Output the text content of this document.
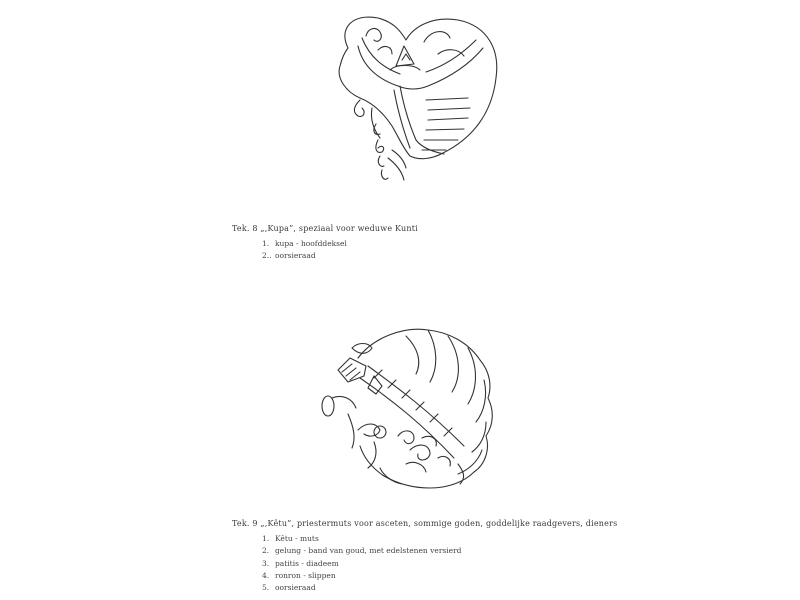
Tek. 8 „,Kupa”, speziaal voor weduwe Kunti
1. kupa - hoofddeksel
2.. oorsieraad
Tek. 9 „,Kêtu”, priestermuts voor asceten, sommige goden, goddelijke raadgevers, dieners
1. Kêtu - muts
2. gelung - band van goud, met edelstenen versierd
3. patitis - diadeem
4. ronron - slippen
5. oorsieraad
